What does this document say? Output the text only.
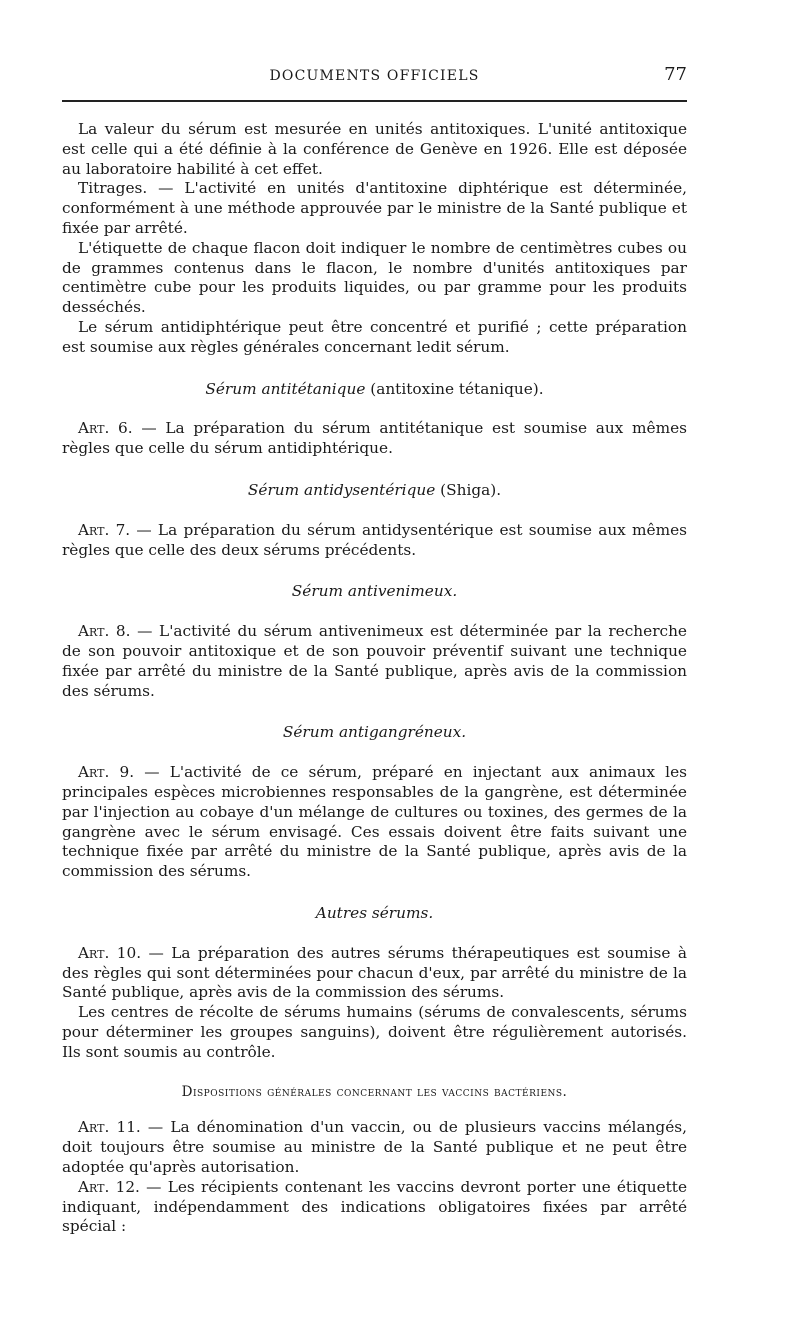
DOCUMENTS OFFICIELS	77

La valeur du sérum est mesurée en unités antitoxiques. L'unité antitoxique est celle qui a été définie à la conférence de Genève en 1926. Elle est déposée au laboratoire habilité à cet effet.

Titrages. — L'activité en unités d'antitoxine diphtérique est déterminée, conformément à une méthode approuvée par le ministre de la Santé publique et fixée par arrêté.

L'étiquette de chaque flacon doit indiquer le nombre de centimètres cubes ou de grammes contenus dans le flacon, le nombre d'unités antitoxiques par centimètre cube pour les produits liquides, ou par gramme pour les produits desséchés.

Le sérum antidiphtérique peut être concentré et purifié ; cette préparation est soumise aux règles générales concernant ledit sérum.

Sérum antitétanique (antitoxine tétanique).

Art. 6. — La préparation du sérum antitétanique est soumise aux mêmes règles que celle du sérum antidiphtérique.

Sérum antidysentérique (Shiga).

Art. 7. — La préparation du sérum antidysentérique est soumise aux mêmes règles que celle des deux sérums précédents.

Sérum antivenimeux.

Art. 8. — L'activité du sérum antivenimeux est déterminée par la recherche de son pouvoir antitoxique et de son pouvoir préventif suivant une technique fixée par arrêté du ministre de la Santé publique, après avis de la commission des sérums.

Sérum antigangréneux.

Art. 9. — L'activité de ce sérum, préparé en injectant aux animaux les principales espèces microbiennes responsables de la gangrène, est déterminée par l'injection au cobaye d'un mélange de cultures ou toxines, des germes de la gangrène avec le sérum envisagé. Ces essais doivent être faits suivant une technique fixée par arrêté du ministre de la Santé publique, après avis de la commission des sérums.

Autres sérums.

Art. 10. — La préparation des autres sérums thérapeutiques est soumise à des règles qui sont déterminées pour chacun d'eux, par arrêté du ministre de la Santé publique, après avis de la commission des sérums.

Les centres de récolte de sérums humains (sérums de convalescents, sérums pour déterminer les groupes sanguins), doivent être régulièrement autorisés. Ils sont soumis au contrôle.

Dispositions générales concernant les vaccins bactériens.

Art. 11. — La dénomination d'un vaccin, ou de plusieurs vaccins mélangés, doit toujours être soumise au ministre de la Santé publique et ne peut être adoptée qu'après autorisation.

Art. 12. — Les récipients contenant les vaccins devront porter une étiquette indiquant, indépendamment des indications obligatoires fixées par arrêté spécial :
